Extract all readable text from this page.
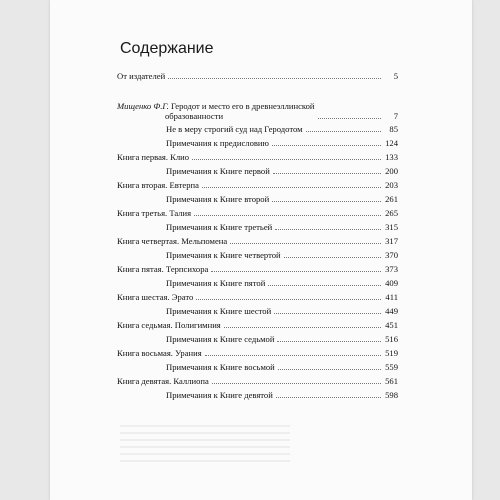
Содержание
От издателей	5
Мищенко Ф.Г. Геродот и место его в древнеэллинской
образованности	7
Не в меру строгий суд над Геродотом	85
Примечания к предисловию	124
Книга первая. Клио	133
Примечания к Книге первой	200
Книга вторая. Евтерпа	203
Примечания к Книге второй	261
Книга третья. Талия	265
Примечания к Книге третьей	315
Книга четвертая. Мельпомена	317
Примечания к Книге четвертой	370
Книга пятая. Терпсихора	373
Примечания к Книге пятой	409
Книга шестая. Эрато	411
Примечания к Книге шестой	449
Книга седьмая. Полигимния	451
Примечания к Книге седьмой	516
Книга восьмая. Урания	519
Примечания к Книге восьмой	559
Книга девятая. Каллиопа	561
Примечания к Книге девятой	598
